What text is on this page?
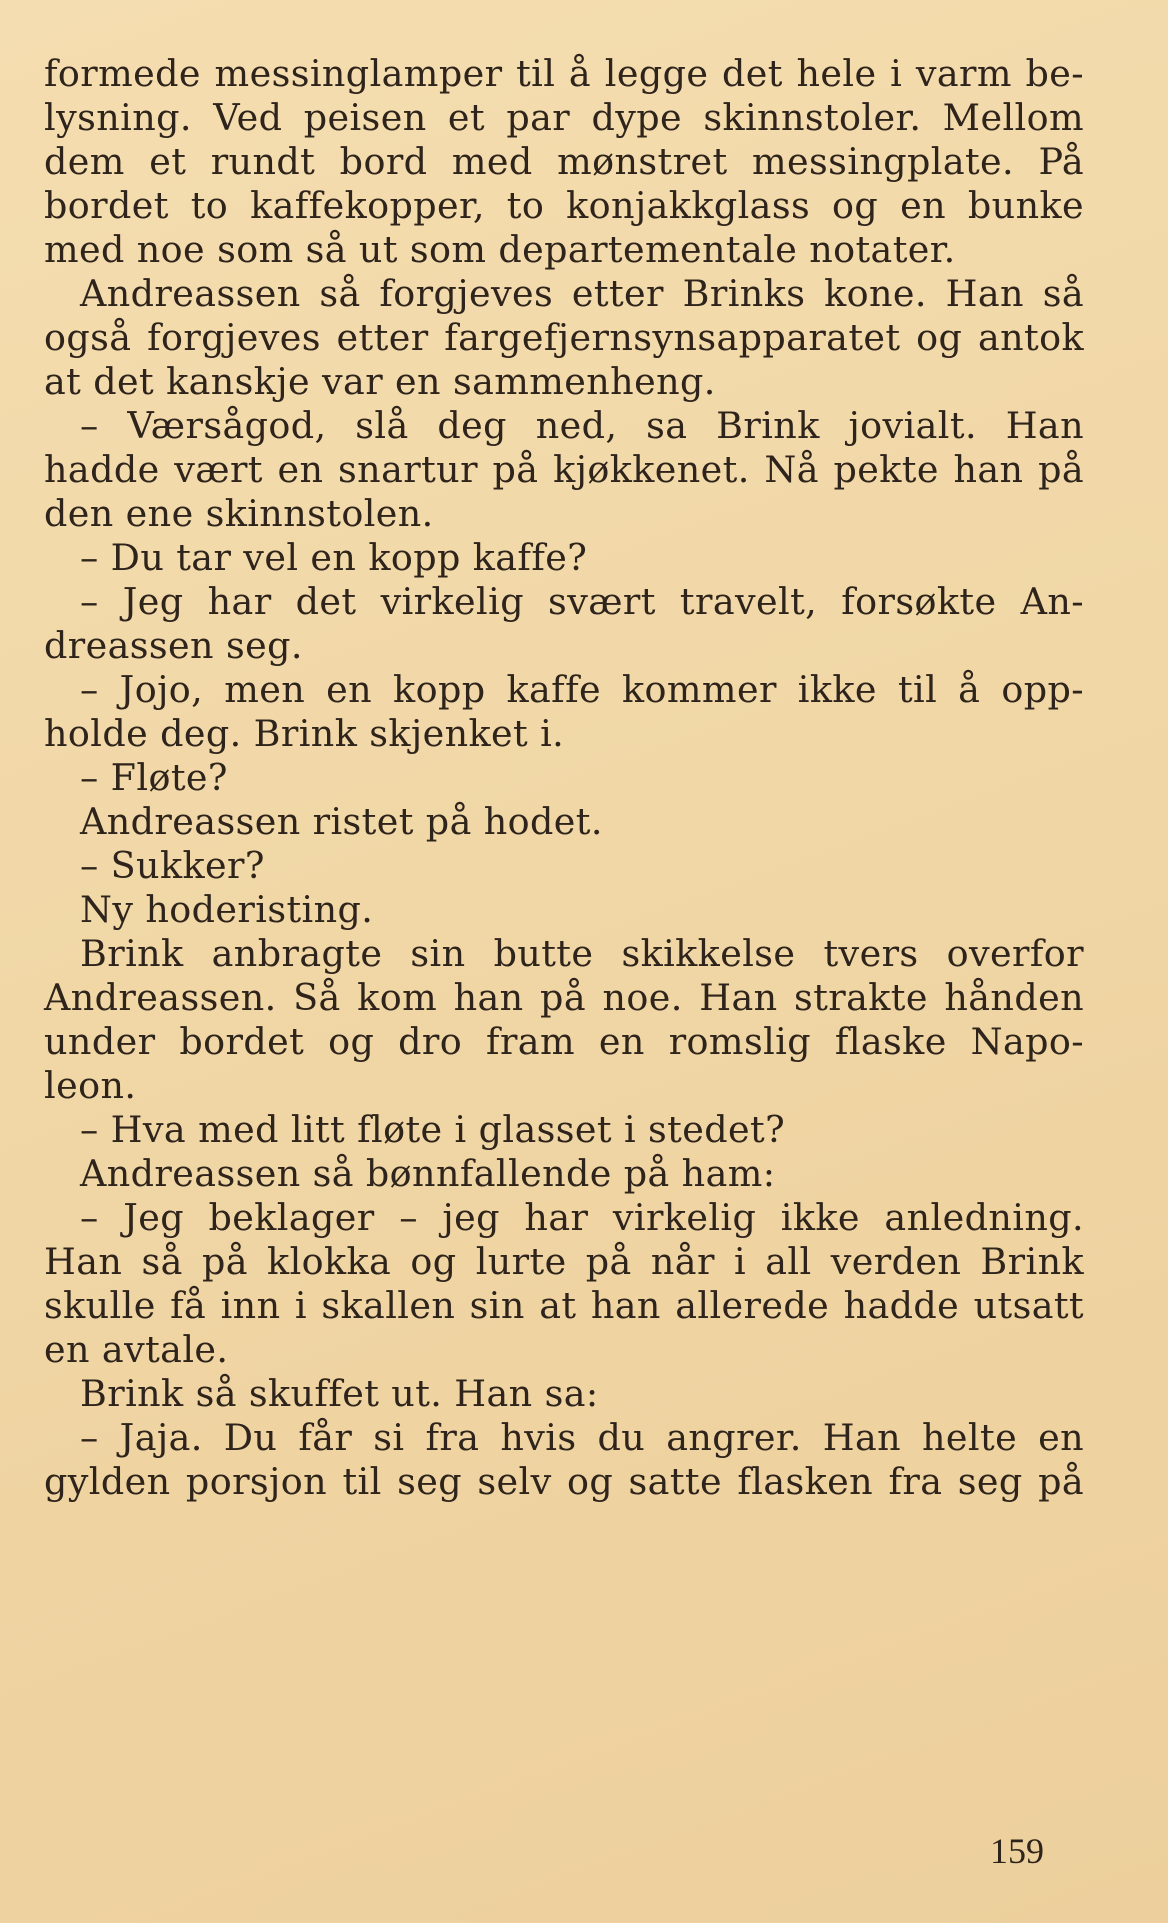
formede messinglamper til å legge det hele i varm be-
lysning. Ved peisen et par dype skinnstoler. Mellom
dem et rundt bord med mønstret messingplate. På
bordet to kaffekopper, to konjakkglass og en bunke
med noe som så ut som departementale notater.
Andreassen så forgjeves etter Brinks kone. Han så
også forgjeves etter fargefjernsynsapparatet og antok
at det kanskje var en sammenheng.
– Værsågod, slå deg ned, sa Brink jovialt. Han
hadde vært en snartur på kjøkkenet. Nå pekte han på
den ene skinnstolen.
– Du tar vel en kopp kaffe?
– Jeg har det virkelig svært travelt, forsøkte An-
dreassen seg.
– Jojo, men en kopp kaffe kommer ikke til å opp-
holde deg. Brink skjenket i.
– Fløte?
Andreassen ristet på hodet.
– Sukker?
Ny hoderisting.
Brink anbragte sin butte skikkelse tvers overfor
Andreassen. Så kom han på noe. Han strakte hånden
under bordet og dro fram en romslig flaske Napo-
leon.
– Hva med litt fløte i glasset i stedet?
Andreassen så bønnfallende på ham:
– Jeg beklager – jeg har virkelig ikke anledning.
Han så på klokka og lurte på når i all verden Brink
skulle få inn i skallen sin at han allerede hadde utsatt
en avtale.
Brink så skuffet ut. Han sa:
– Jaja. Du får si fra hvis du angrer. Han helte en
gylden porsjon til seg selv og satte flasken fra seg på
159
